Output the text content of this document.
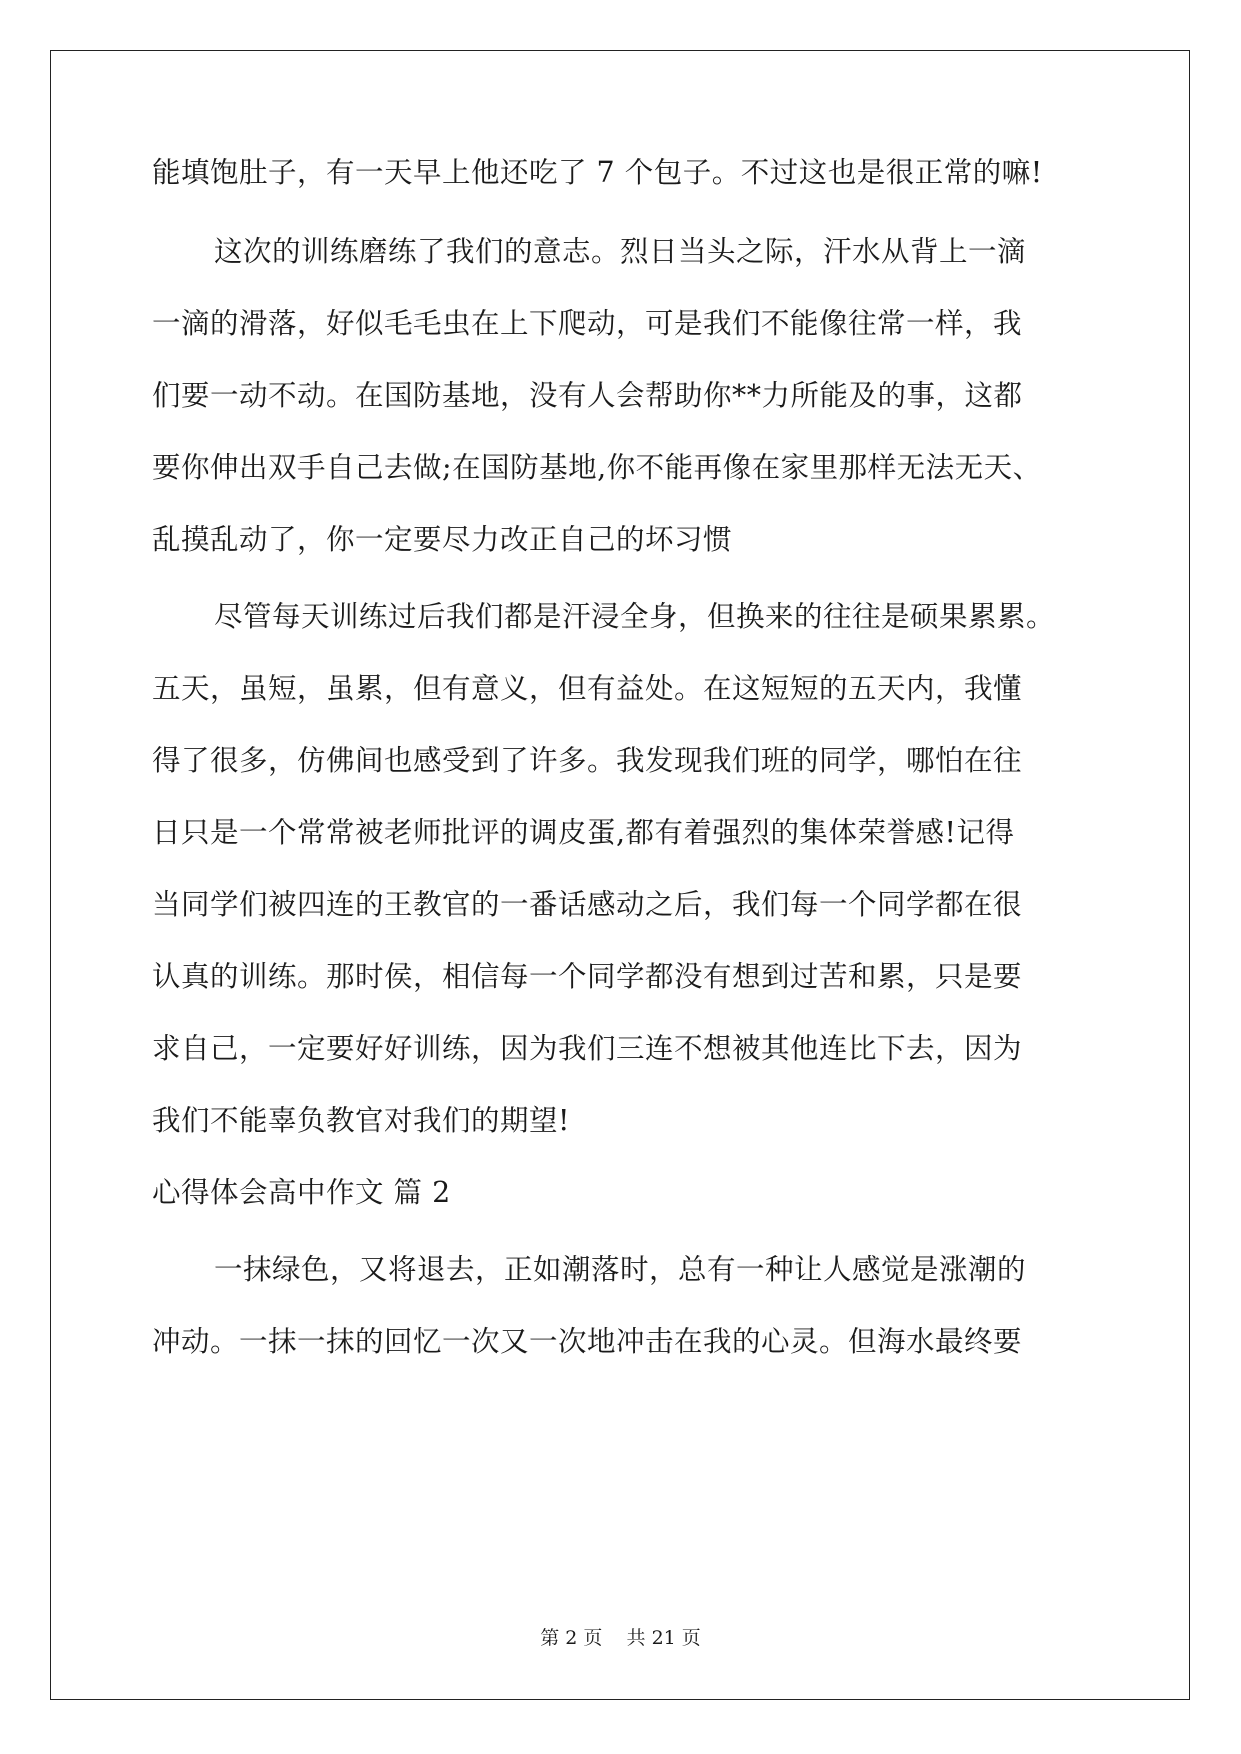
能填饱肚子，有一天早上他还吃了 7 个包子。不过这也是很正常的嘛!
这次的训练磨练了我们的意志。烈日当头之际，汗水从背上一滴
一滴的滑落，好似毛毛虫在上下爬动，可是我们不能像往常一样，我
们要一动不动。在国防基地，没有人会帮助你**力所能及的事，这都
要你伸出双手自己去做;在国防基地,你不能再像在家里那样无法无天、
乱摸乱动了，你一定要尽力改正自己的坏习惯
尽管每天训练过后我们都是汗浸全身，但换来的往往是硕果累累。
五天，虽短，虽累，但有意义，但有益处。在这短短的五天内，我懂
得了很多，仿佛间也感受到了许多。我发现我们班的同学，哪怕在往
日只是一个常常被老师批评的调皮蛋,都有着强烈的集体荣誉感!记得
当同学们被四连的王教官的一番话感动之后，我们每一个同学都在很
认真的训练。那时侯，相信每一个同学都没有想到过苦和累，只是要
求自己，一定要好好训练，因为我们三连不想被其他连比下去，因为
我们不能辜负教官对我们的期望!
心得体会高中作文 篇 2
一抹绿色，又将退去，正如潮落时，总有一种让人感觉是涨潮的
冲动。一抹一抹的回忆一次又一次地冲击在我的心灵。但海水最终要
第 2 页    共 21 页
